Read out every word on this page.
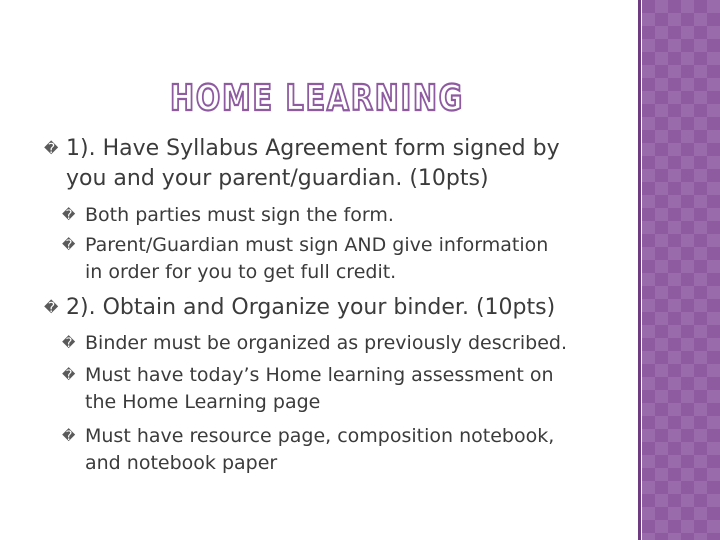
HOME LEARNING
� 1). Have Syllabus Agreement form signed by
you and your parent/guardian. (10pts)
� Both parties must sign the form.
� Parent/Guardian must sign AND give information
in order for you to get full credit.
� 2). Obtain and Organize your binder. (10pts)
� Binder must be organized as previously described.
� Must have today’s Home learning assessment on
the Home Learning page
� Must have resource page, composition notebook,
and notebook paper
